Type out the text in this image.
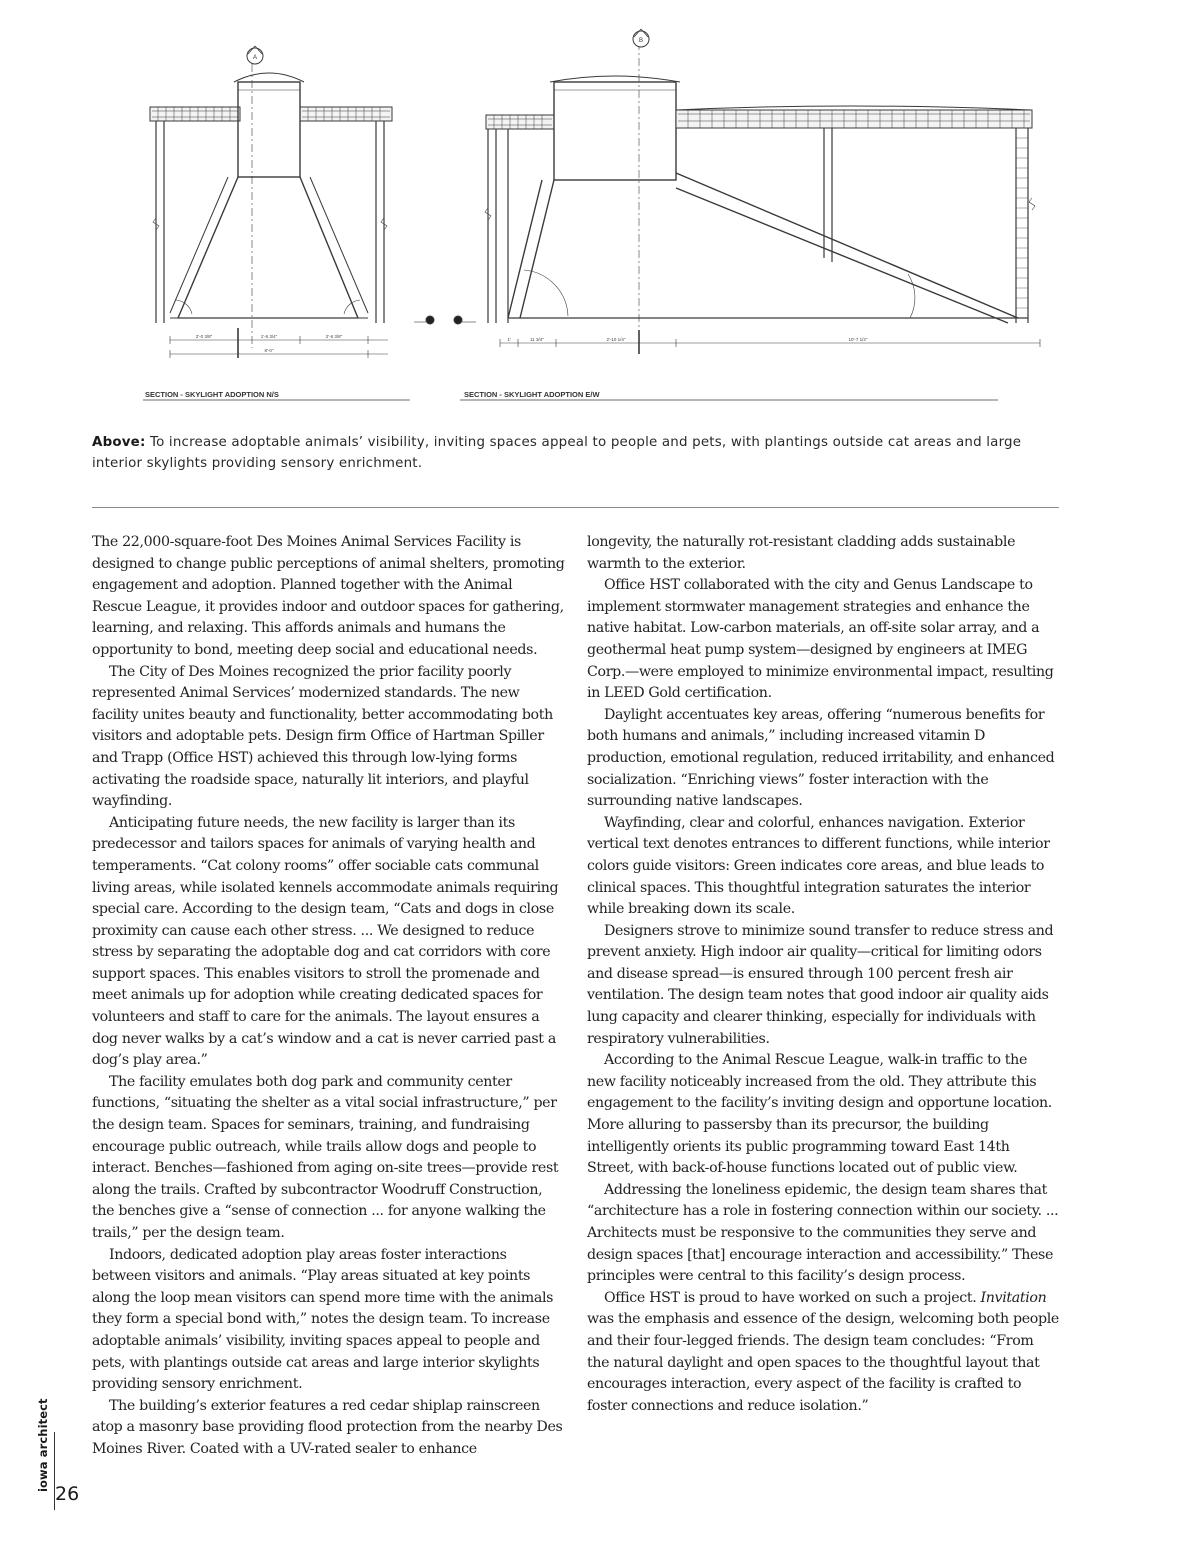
A
B
2'-0 3/8"	1'-6 3/4"	2'-6 3/8"
8'-0"
1'	11 3/4"	2'-10 1/4"	10'-7 1/2"
SECTION - SKYLIGHT ADOPTION N/S	SECTION - SKYLIGHT ADOPTION E/W
Above: To increase adoptable animals’ visibility, inviting spaces appeal to people and pets, with plantings outside cat areas and large interior skylights providing sensory enrichment.

The 22,000-square-foot Des Moines Animal Services Facility is designed to change public perceptions of animal shelters, promoting engagement and adoption. Planned together with the Animal Rescue League, it provides indoor and outdoor spaces for gathering, learning, and relaxing. This affords animals and humans the opportunity to bond, meeting deep social and educational needs.

The City of Des Moines recognized the prior facility poorly represented Animal Services’ modernized standards. The new facility unites beauty and functionality, better accommodating both visitors and adoptable pets. Design firm Office of Hartman Spiller and Trapp (Office HST) achieved this through low-lying forms activating the roadside space, naturally lit interiors, and playful wayfinding.

Anticipating future needs, the new facility is larger than its predecessor and tailors spaces for animals of varying health and temperaments. “Cat colony rooms” offer sociable cats communal living areas, while isolated kennels accommodate animals requiring special care. According to the design team, “Cats and dogs in close proximity can cause each other stress. ... We designed to reduce stress by separating the adoptable dog and cat corridors with core support spaces. This enables visitors to stroll the promenade and meet animals up for adoption while creating dedicated spaces for volunteers and staff to care for the animals. The layout ensures a dog never walks by a cat’s window and a cat is never carried past a dog’s play area.”

The facility emulates both dog park and community center functions, “situating the shelter as a vital social infrastructure,” per the design team. Spaces for seminars, training, and fundraising encourage public outreach, while trails allow dogs and people to interact. Benches—fashioned from aging on-site trees—provide rest along the trails. Crafted by subcontractor Woodruff Construction, the benches give a “sense of connection ... for anyone walking the trails,” per the design team.

Indoors, dedicated adoption play areas foster interactions between visitors and animals. “Play areas situated at key points along the loop mean visitors can spend more time with the animals they form a special bond with,” notes the design team. To increase adoptable animals’ visibility, inviting spaces appeal to people and pets, with plantings outside cat areas and large interior skylights providing sensory enrichment.

The building’s exterior features a red cedar shiplap rainscreen atop a masonry base providing flood protection from the nearby Des Moines River. Coated with a UV-rated sealer to enhance

longevity, the naturally rot-resistant cladding adds sustainable warmth to the exterior.

Office HST collaborated with the city and Genus Landscape to implement stormwater management strategies and enhance the native habitat. Low-carbon materials, an off-site solar array, and a geothermal heat pump system—designed by engineers at IMEG Corp.—were employed to minimize environmental impact, resulting in LEED Gold certification.

Daylight accentuates key areas, offering “numerous benefits for both humans and animals,” including increased vitamin D production, emotional regulation, reduced irritability, and enhanced socialization. “Enriching views” foster interaction with the surrounding native landscapes.

Wayfinding, clear and colorful, enhances navigation. Exterior vertical text denotes entrances to different functions, while interior colors guide visitors: Green indicates core areas, and blue leads to clinical spaces. This thoughtful integration saturates the interior while breaking down its scale.

Designers strove to minimize sound transfer to reduce stress and prevent anxiety. High indoor air quality—critical for limiting odors and disease spread—is ensured through 100 percent fresh air ventilation. The design team notes that good indoor air quality aids lung capacity and clearer thinking, especially for individuals with respiratory vulnerabilities.

According to the Animal Rescue League, walk-in traffic to the new facility noticeably increased from the old. They attribute this engagement to the facility’s inviting design and opportune location. More alluring to passersby than its precursor, the building intelligently orients its public programming toward East 14th Street, with back-of-house functions located out of public view.

Addressing the loneliness epidemic, the design team shares that “architecture has a role in fostering connection within our society. ... Architects must be responsive to the communities they serve and design spaces [that] encourage interaction and accessibility.” These principles were central to this facility’s design process.

Office HST is proud to have worked on such a project. Invitation was the emphasis and essence of the design, welcoming both people and their four-legged friends. The design team concludes: “From the natural daylight and open spaces to the thoughtful layout that encourages interaction, every aspect of the facility is crafted to foster connections and reduce isolation.”

iowa architect
26
